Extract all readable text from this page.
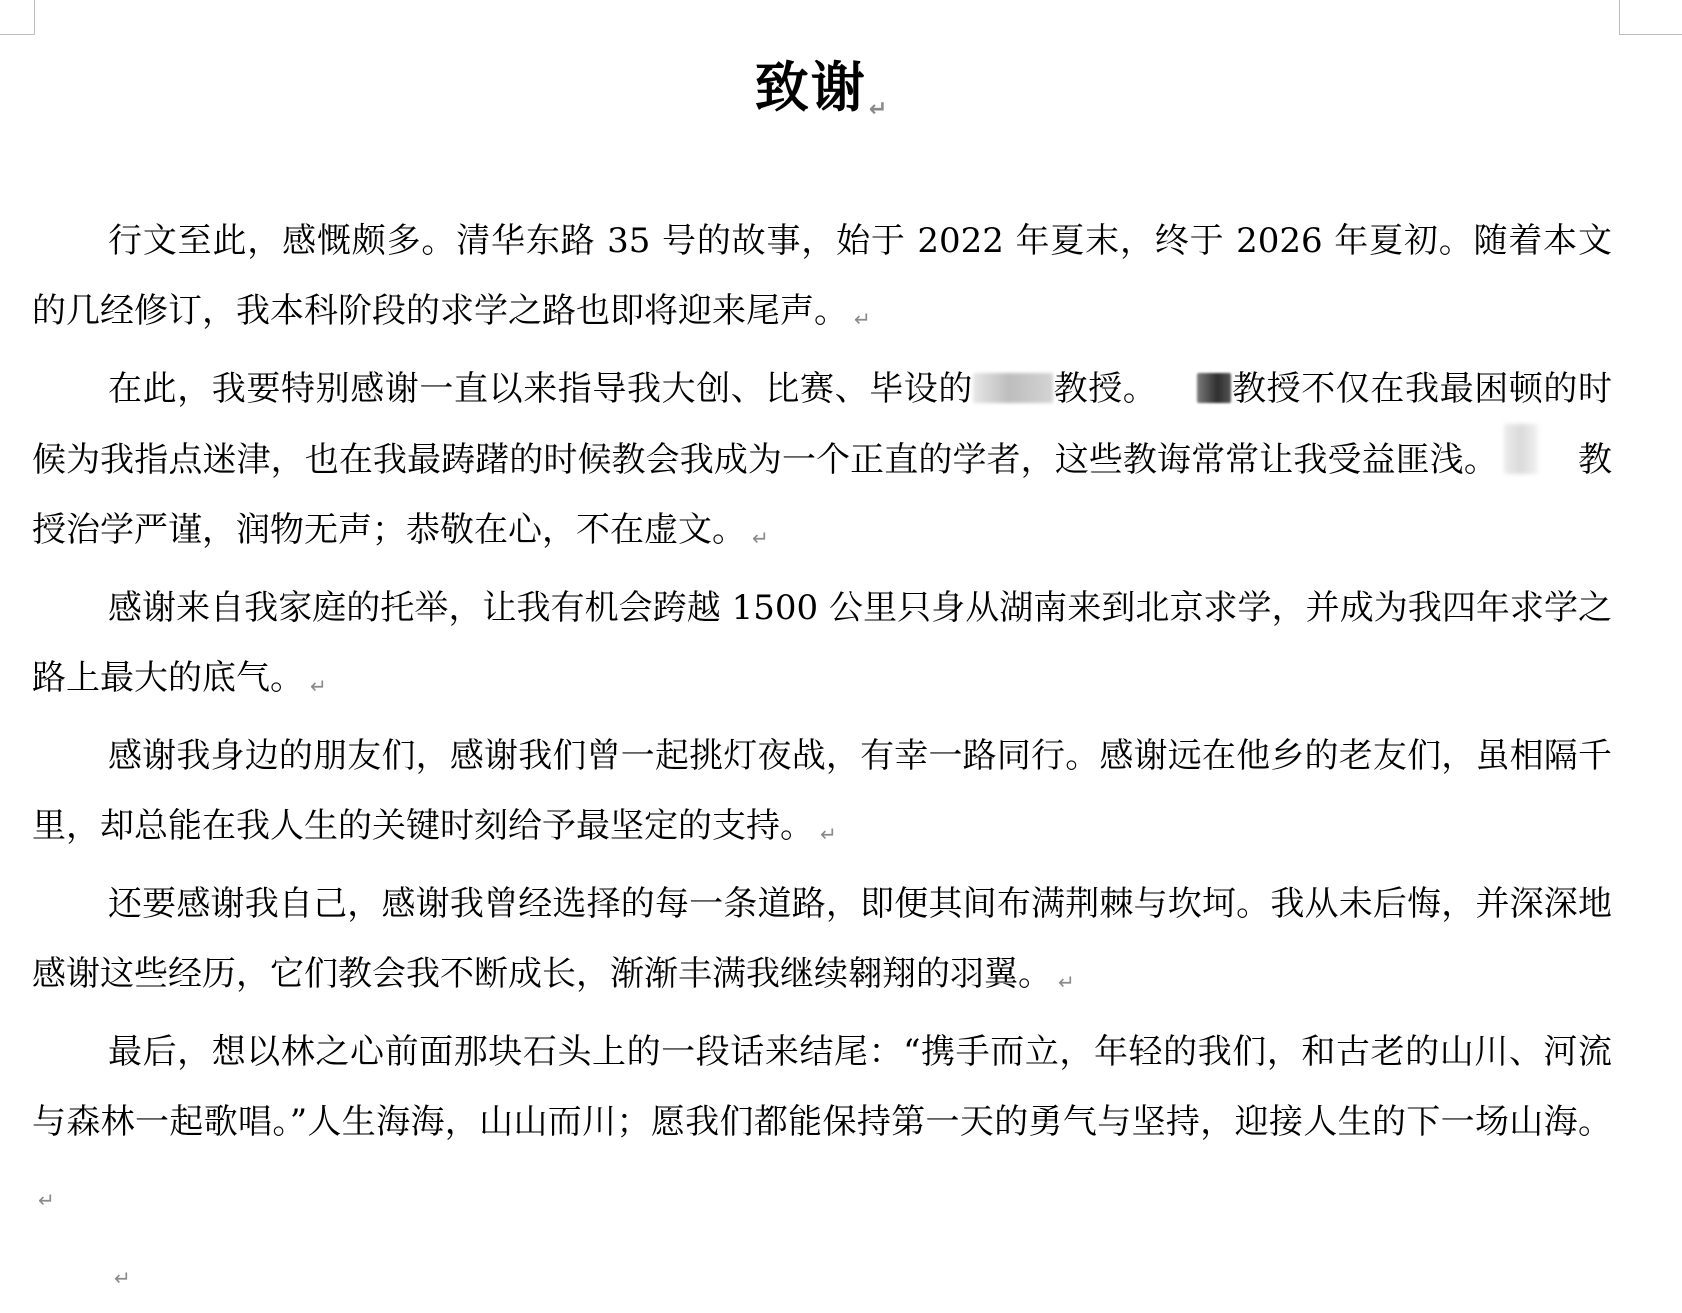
致谢↵

行文至此，感慨颇多。清华东路 35 号的故事，始于 2022 年夏末，终于 2026 年夏初。随着本文的几经修订，我本科阶段的求学之路也即将迎来尾声。 ↵

在此，我要特别感谢一直以来指导我大创、比赛、毕设的 教授。 教授不仅在我最困顿的时候为我指点迷津，也在我最踌躇的时候教会我成为一个正直的学者，这些教诲常常让我受益匪浅。 教授治学严谨，润物无声；恭敬在心，不在虚文。 ↵

感谢来自我家庭的托举，让我有机会跨越 1500 公里只身从湖南来到北京求学，并成为我四年求学之路上最大的底气。 ↵

感谢我身边的朋友们，感谢我们曾一起挑灯夜战，有幸一路同行。感谢远在他乡的老友们，虽相隔千里，却总能在我人生的关键时刻给予最坚定的支持。 ↵

还要感谢我自己，感谢我曾经选择的每一条道路，即便其间布满荆棘与坎坷。我从未后悔，并深深地感谢这些经历，它们教会我不断成长，渐渐丰满我继续翱翔的羽翼。 ↵

最后，想以林之心前面那块石头上的一段话来结尾：“携手而立，年轻的我们，和古老的山川、河流与森林一起歌唱。”人生海海，山山而川；愿我们都能保持第一天的勇气与坚持，迎接人生的下一场山海。↵

↵
